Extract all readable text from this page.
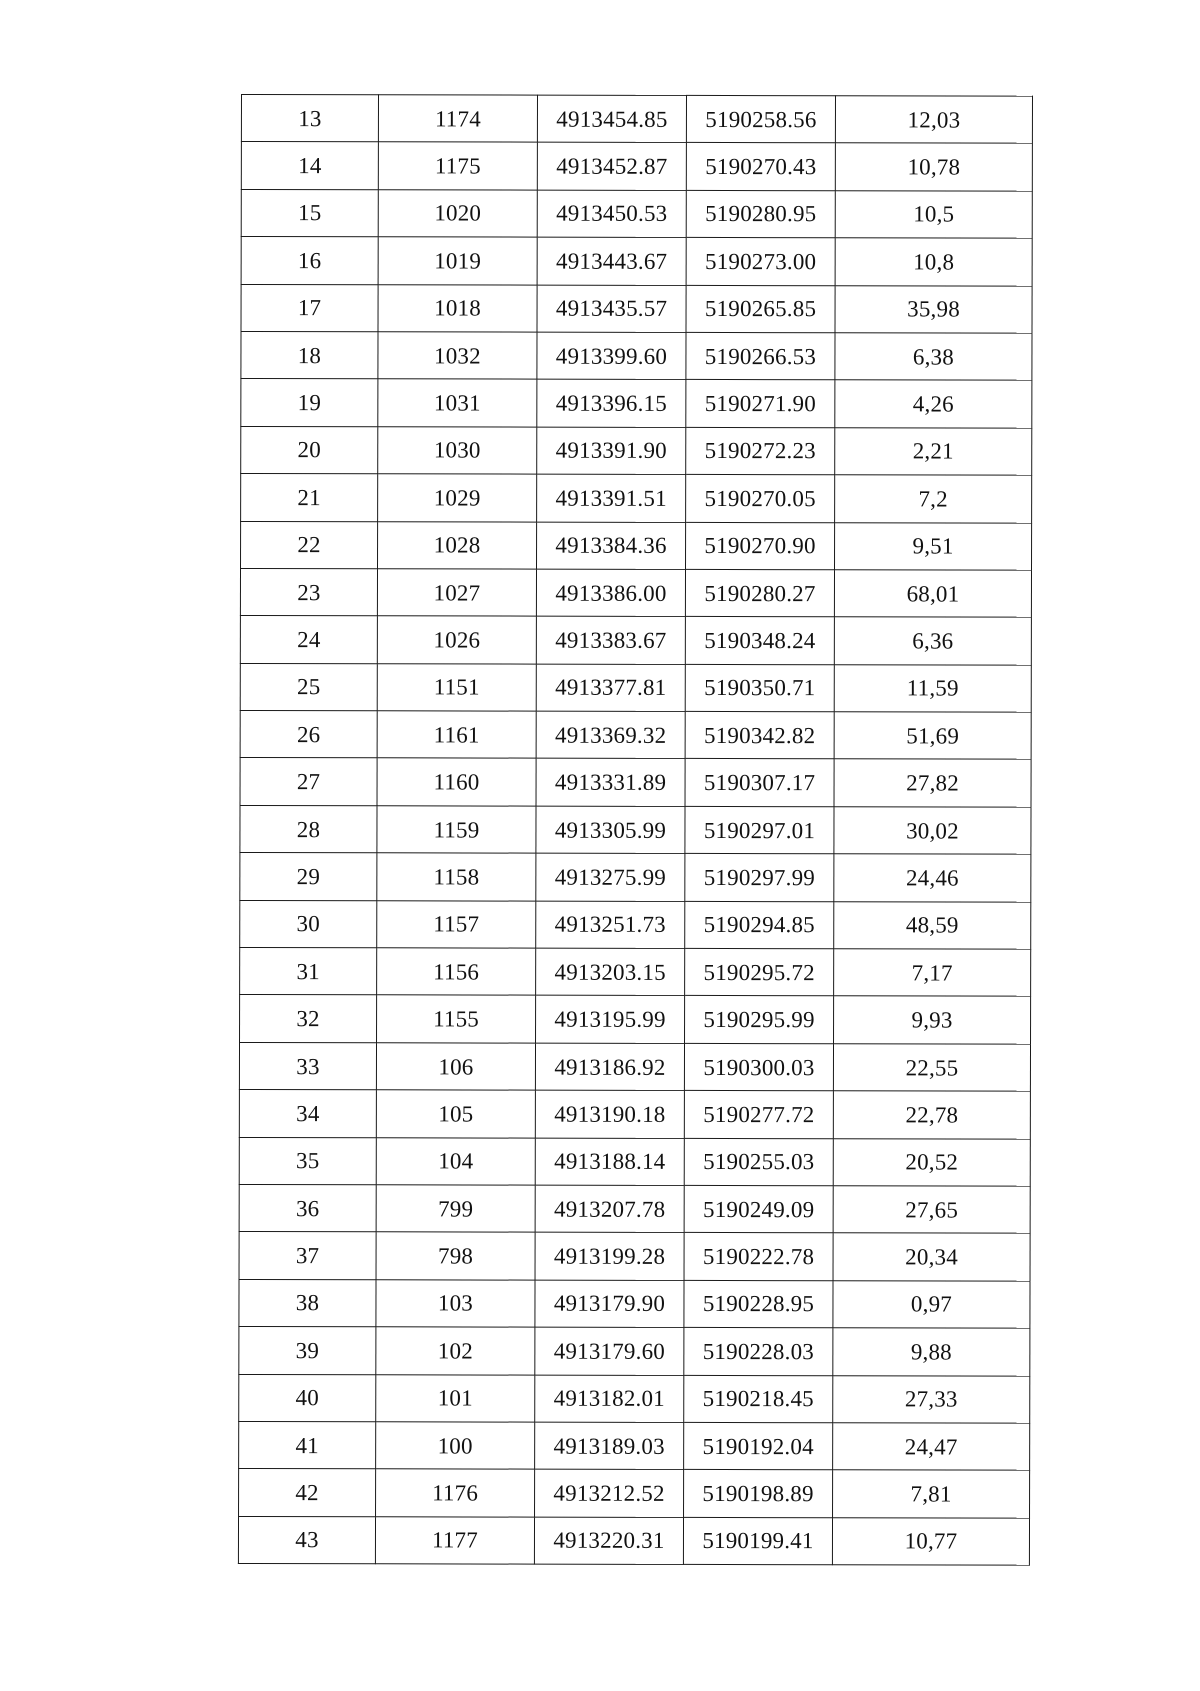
13	1174	4913454.85	5190258.56	12,03
14	1175	4913452.87	5190270.43	10,78
15	1020	4913450.53	5190280.95	10,5
16	1019	4913443.67	5190273.00	10,8
17	1018	4913435.57	5190265.85	35,98
18	1032	4913399.60	5190266.53	6,38
19	1031	4913396.15	5190271.90	4,26
20	1030	4913391.90	5190272.23	2,21
21	1029	4913391.51	5190270.05	7,2
22	1028	4913384.36	5190270.90	9,51
23	1027	4913386.00	5190280.27	68,01
24	1026	4913383.67	5190348.24	6,36
25	1151	4913377.81	5190350.71	11,59
26	1161	4913369.32	5190342.82	51,69
27	1160	4913331.89	5190307.17	27,82
28	1159	4913305.99	5190297.01	30,02
29	1158	4913275.99	5190297.99	24,46
30	1157	4913251.73	5190294.85	48,59
31	1156	4913203.15	5190295.72	7,17
32	1155	4913195.99	5190295.99	9,93
33	106	4913186.92	5190300.03	22,55
34	105	4913190.18	5190277.72	22,78
35	104	4913188.14	5190255.03	20,52
36	799	4913207.78	5190249.09	27,65
37	798	4913199.28	5190222.78	20,34
38	103	4913179.90	5190228.95	0,97
39	102	4913179.60	5190228.03	9,88
40	101	4913182.01	5190218.45	27,33
41	100	4913189.03	5190192.04	24,47
42	1176	4913212.52	5190198.89	7,81
43	1177	4913220.31	5190199.41	10,77
